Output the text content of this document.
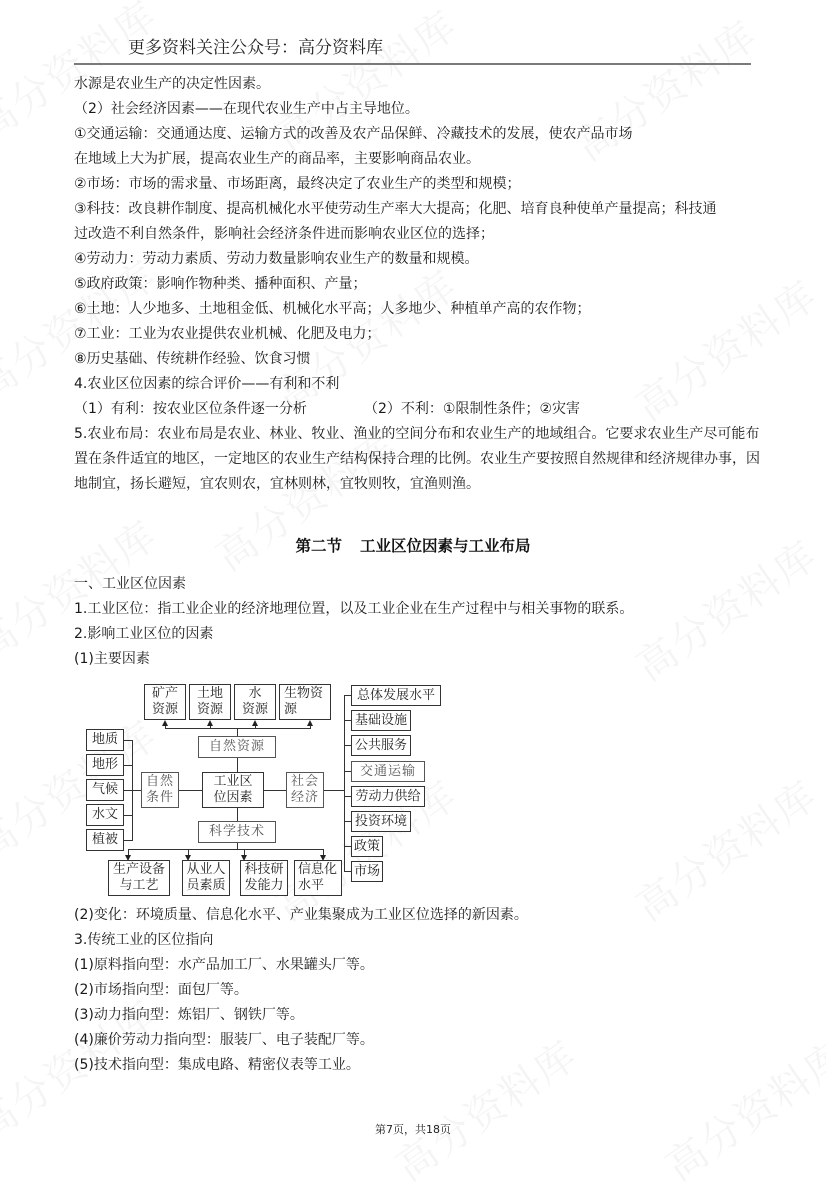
更多资料关注公众号：高分资料库
水源是农业生产的决定性因素。
（2）社会经济因素——在现代农业生产中占主导地位。
①交通运输：交通通达度、运输方式的改善及农产品保鲜、冷藏技术的发展，使农产品市场
在地域上大为扩展，提高农业生产的商品率，主要影响商品农业。
②市场：市场的需求量、市场距离，最终决定了农业生产的类型和规模；
③科技：改良耕作制度、提高机械化水平使劳动生产率大大提高；化肥、培育良种使单产量提高；科技通
过改造不利自然条件，影响社会经济条件进而影响农业区位的选择；
④劳动力：劳动力素质、劳动力数量影响农业生产的数量和规模。
⑤政府政策：影响作物种类、播种面积、产量；
⑥土地：人少地多、土地租金低、机械化水平高；人多地少、种植单产高的农作物；
⑦工业：工业为农业提供农业机械、化肥及电力；
⑧历史基础、传统耕作经验、饮食习惯
4.农业区位因素的综合评价——有利和不利
（1）有利：按农业区位条件逐一分析	（2）不利：①限制性条件；②灾害
5.农业布局：农业布局是农业、林业、牧业、渔业的空间分布和农业生产的地域组合。它要求农业生产尽可能布置在条件适宜的地区，一定地区的农业生产结构保持合理的比例。农业生产要按照自然规律和经济规律办事，因地制宜，扬长避短，宜农则农，宜林则林，宜牧则牧，宜渔则渔。
第二节 工业区位因素与工业布局
一、工业区位因素
1.工业区位：指工业企业的经济地理位置，以及工业企业在生产过程中与相关事物的联系。
2.影响工业区位的因素
(1)主要因素
矿产
资源
土地
资源
水
资源
生物资
源
自然资源
地质
地形
气候
水文
植被
自然
条件
工业区
位因素
社会
经济
总体发展水平
基础设施
公共服务
交通运输
劳动力供给
投资环境
政策
市场
科学技术
生产设备
与工艺
从业人
员素质
科技研
发能力
信息化
水平
(2)变化：环境质量、信息化水平、产业集聚成为工业区位选择的新因素。
3.传统工业的区位指向
(1)原料指向型：水产品加工厂、水果罐头厂等。
(2)市场指向型：面包厂等。
(3)动力指向型：炼铝厂、钢铁厂等。
(4)廉价劳动力指向型：服装厂、电子装配厂等。
(5)技术指向型：集成电路、精密仪表等工业。
第7页，共18页
